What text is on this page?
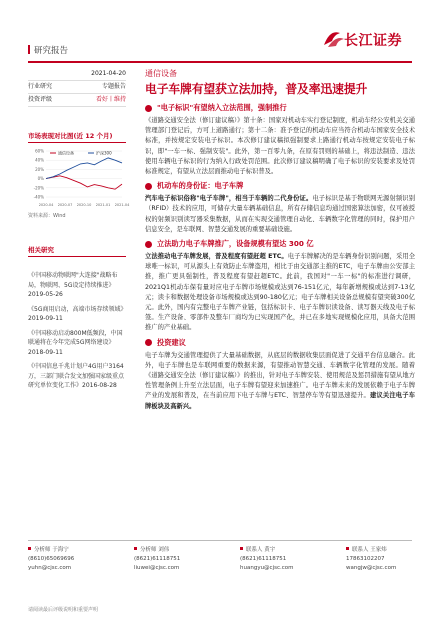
研究报告
长江证券
2021-04-20
行业研究	专题报告
投资评级	看好丨维持
市场表现对比图(近 12 个月)
60%
40%
20%
0%
-20%
-40%
2020-04 2020-07 2020-10 2021-01 2021-04
通信设备	沪深300
资料来源：Wind
相关研究
《中国移动物联网"大连接"战略布局，物联网、5G设定持续推进》2019-05-26
《5G商用启动，高端市场存续领域》2019-09-11
《中国移动启动800M低频段，中国联通将在今年完成5G网络建设》2018-09-11
《中国信息千兆计划户4G用户3164万，三部门联合发文加强国家级重点研究单位变化工作》2016-08-28
通信设备
电子车牌有望获立法加持，普及率迅速提升
"电子标识"有望纳入立法范围，强制推行

《道路交通安全法（修订建议稿）》第十条：国家对机动车实行登记制度，机动车经公安机关交通管理部门登记后，方可上道路通行；第十二条：准予登记的机动车应当符合机动车国家安全技术标准，并按规定安装电子标识。本次修订建议稿拟强制要求上路通行机动车按规定安装电子标识，即"一车一标、强制安装"。此外，第一百零九条，在原有罚则的基础上，将违法制造、违法使用车辆电子标识的行为纳入行政处罚范围。此次修订建议稿明确了电子标识的安装要求及处罚标准规定，有望从立法层面推动电子标识普及。

机动车的身份证：电子车牌

汽车电子标识俗称"电子车牌"，相当于车辆的二代身份证。电子标识是基于物联网无源射频识别（RFID）技术的应用，可储存大量车辆基础信息，所有存储信息均通过国密算法加密，仅可被授权的射频识别读写器采集数据，从而在实现交通管理自动化、车辆数字化管理的同时，保护用户信息安全，是车联网、智慧交通发展的重要基础设施。

立法助力电子车牌推广，设备规模有望达 300 亿

立法推动电子车牌发展，普及程度有望赶超 ETC。电子车牌解决的是车辆身份识别问题，采用全球唯一标识，可从源头上有效防止车牌盗用，相比于由交通部主推的ETC，电子车牌由公安部主推，推广更具强制性，普及程度有望赶超ETC。此前，我国对"一车一标"的标准进行调研，2021Q1机动车保有量对应电子车牌市场规模或达到76-151亿元，每年新增规模或达到7-13亿元；读卡和数据处理设备市场规模或达到90-180亿元；电子车牌相关设备总规模有望突破300亿元。此外，国内有完整电子车牌产业链，包括标识卡、电子车牌识读设备、读写器天线及电子标签。生产设备、零部件及整车厂商均为已实现国产化，并已在多地实现规模化应用，具备大范围推广的产业基础。

投资建议

电子车牌为交通管理提供了大量基础数据，从底层的数据收集层面促进了交通平台信息融合。此外，电子车牌也是车联网重要的数据来源，有望推动智慧交通、车辆数字化管理的发展。随着《道路交通安全法（修订建议稿）》的推出，针对电子车牌安装、使用规范及惩罚措施有望从地方性管理条例上升至立法层面，电子车牌有望迎来加速推广。电子车牌未来的发展依赖于电子车牌产业的发展和普及，在当前应用下电子车牌与ETC、智慧停车等有望迅速提升。建议关注电子车牌板块及高新兴。

分析师 于海宁
(8610)65069696
yuhn@cjsc.com
分析师 刘伟
(8621)61118751
liuwei@cjsc.com
联系人 黄宇
(8621)61118751
huangyu@cjsc.com
联系人 王家炜
17863102207
wangjw@cjsc.com
请阅读最后评级说明和重要声明
